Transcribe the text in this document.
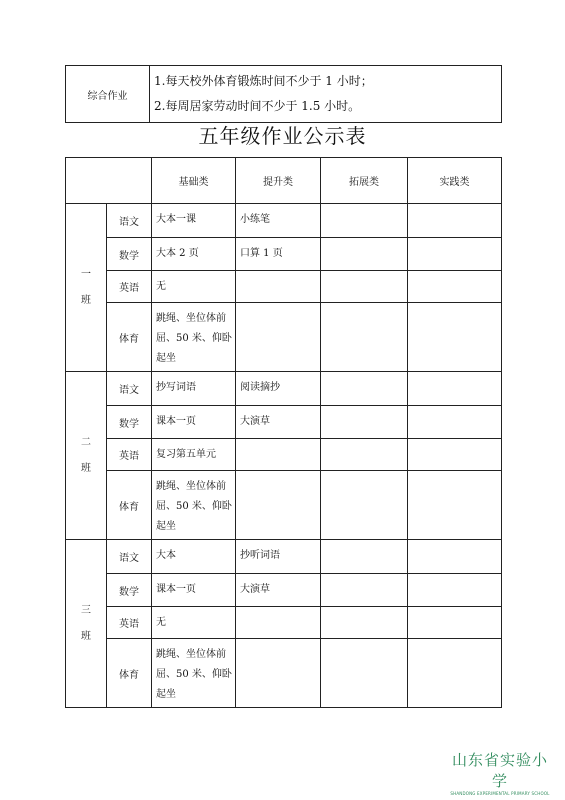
综合作业	
1.每天校外体育锻炼时间不少于 1 小时；
2.每周居家劳动时间不少于 1.5 小时。
五年级作业公示表
		基础类	提升类	拓展类	实践类

一
班	语文	大本一课	小练笔		
	数学	大本 2 页	口算 1 页		
	英语	无			
	体育	跳绳、坐位体前屈、50 米、仰卧起坐			

二
班	语文	抄写词语	阅读摘抄		
	数学	课本一页	大演草		
	英语	复习第五单元			
	体育	跳绳、坐位体前屈、50 米、仰卧起坐			

三
班	语文	大本	抄听词语		
	数学	课本一页	大演草		
	英语	无			
	体育	跳绳、坐位体前屈、50 米、仰卧起坐			
山东省实验小学
SHANDONG EXPERIMENTAL PRIMARY SCHOOL
